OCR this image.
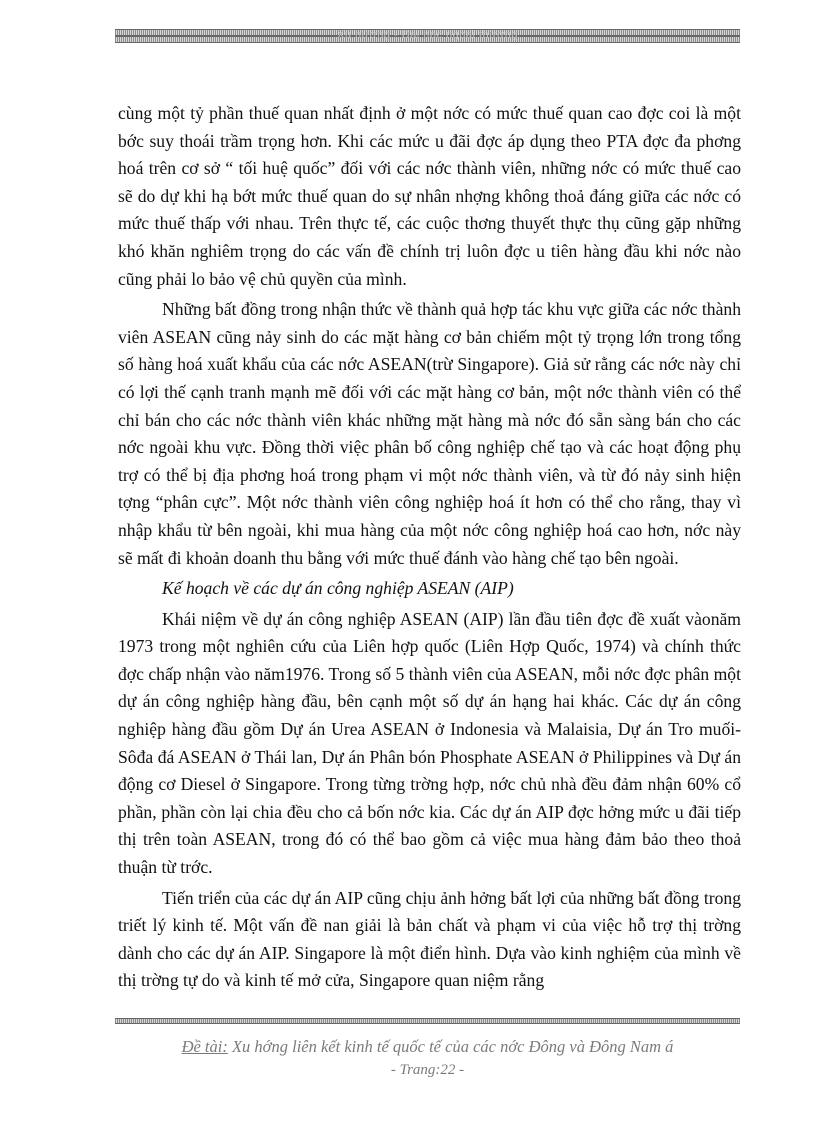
Xu hướng - Đại học ngoại thương

cùng một tỷ phần thuế quan nhất định ở một nớc có mức thuế quan cao đợc coi là một bớc suy thoái trầm trọng hơn. Khi các mức u đãi đợc áp dụng theo PTA đợc đa phơng hoá trên cơ sở “ tối huệ quốc” đối với các nớc thành viên, những nớc có mức thuế cao sẽ do dự khi hạ bớt mức thuế quan do sự nhân nhợng không thoả đáng giữa các nớc có mức thuế thấp với nhau. Trên thực tế, các cuộc thơng thuyết thực thụ cũng gặp những khó khăn nghiêm trọng do các vấn đề chính trị luôn đợc u tiên hàng đầu khi nớc nào cũng phải lo bảo vệ chủ quyền của mình.

Những bất đồng trong nhận thức về thành quả hợp tác khu vực giữa các nớc thành viên ASEAN cũng nảy sinh do các mặt hàng cơ bản chiếm một tỷ trọng lớn trong tổng số hàng hoá xuất khẩu của các nớc ASEAN(trừ Singapore). Giả sử rằng các nớc này chỉ có lợi thế cạnh tranh mạnh mẽ đối với các mặt hàng cơ bản, một nớc thành viên có thể chỉ bán cho các nớc thành viên khác những mặt hàng mà nớc đó sẵn sàng bán cho các nớc ngoài khu vực. Đồng thời việc phân bố công nghiệp chế tạo và các hoạt động phụ trợ có thể bị địa phơng hoá trong phạm vi một nớc thành viên, và từ đó nảy sinh hiện tợng “phân cực”. Một nớc thành viên công nghiệp hoá ít hơn có thể cho rằng, thay vì nhập khẩu từ bên ngoài, khi mua hàng của một nớc công nghiệp hoá cao hơn, nớc này sẽ mất đi khoản doanh thu bằng với mức thuế đánh vào hàng chế tạo bên ngoài.

Kế hoạch về các dự án công nghiệp ASEAN (AIP)

Khái niệm về dự án công nghiệp ASEAN (AIP) lần đầu tiên đợc đề xuất vàonăm 1973 trong một nghiên cứu của Liên hợp quốc (Liên Hợp Quốc, 1974) và chính thức đợc chấp nhận vào năm1976. Trong số 5 thành viên của ASEAN, mỗi nớc đợc phân một dự án công nghiệp hàng đầu, bên cạnh một số dự án hạng hai khác. Các dự án công nghiệp hàng đầu gồm Dự án Urea ASEAN ở Indonesia và Malaisia, Dự án Tro muối- Sôđa đá ASEAN ở Thái lan, Dự án Phân bón Phosphate ASEAN ở Philippines và Dự án động cơ Diesel ở Singapore. Trong từng trờng hợp, nớc chủ nhà đều đảm nhận 60% cổ phần, phần còn lại chia đều cho cả bốn nớc kia. Các dự án AIP đợc hởng mức u đãi tiếp thị trên toàn ASEAN, trong đó có thể bao gồm cả việc mua hàng đảm bảo theo thoả thuận từ trớc.

Tiến triển của các dự án AIP cũng chịu ảnh hởng bất lợi của những bất đồng trong triết lý kinh tế. Một vấn đề nan giải là bản chất và phạm vi của việc hỗ trợ thị trờng dành cho các dự án AIP. Singapore là một điển hình. Dựa vào kinh nghiệm của mình về thị trờng tự do và kinh tế mở cửa, Singapore quan niệm rằng

Đề tài: Xu hớng liên kết kinh tế quốc tế của các nớc Đông và Đông Nam á
- Trang:22 -
